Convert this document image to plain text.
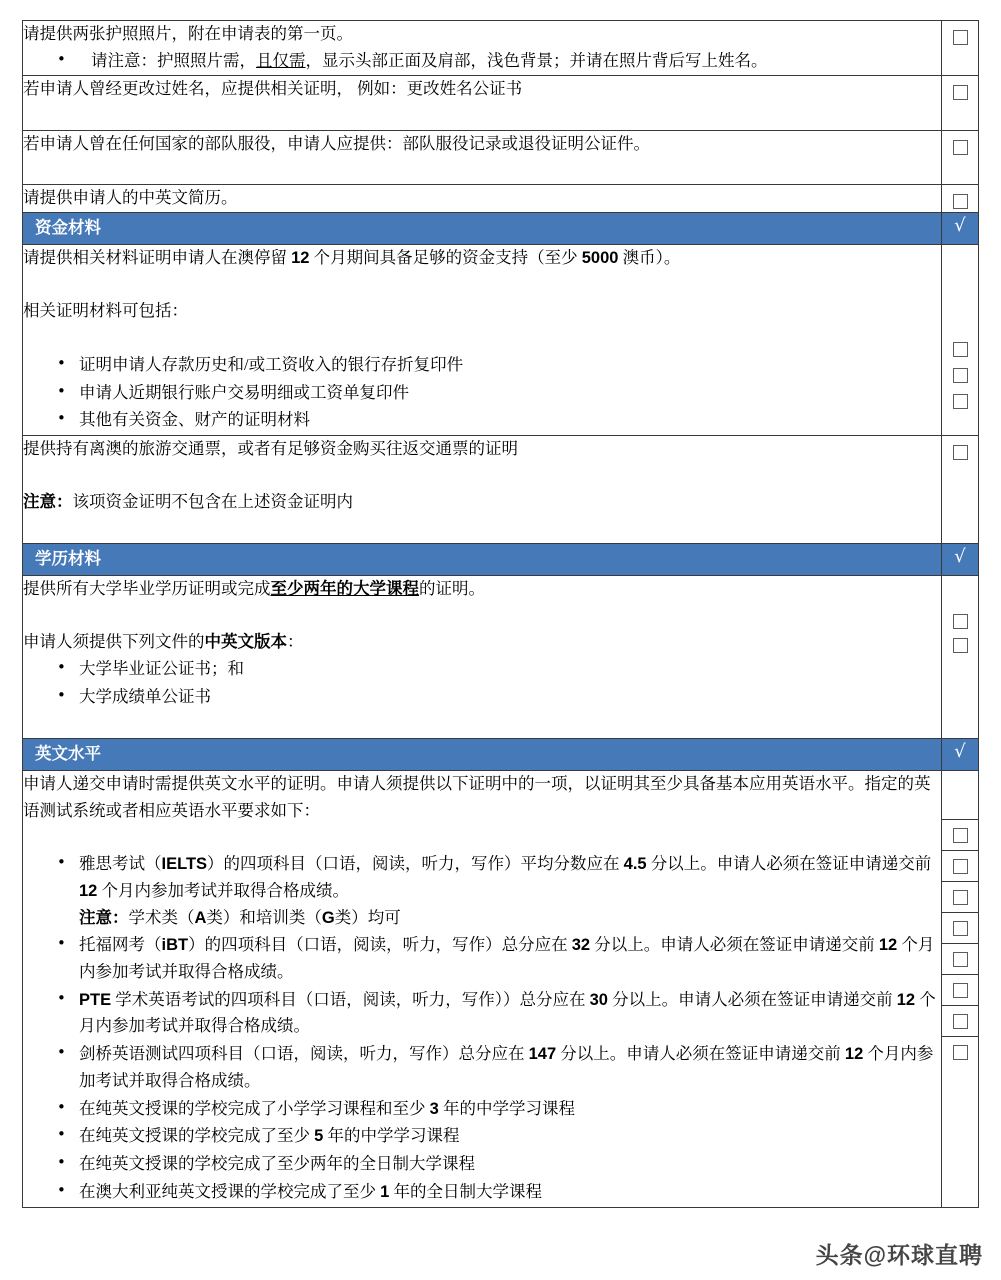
请提供两张护照照片，附在申请表的第一页。

• 请注意：护照照片需，且仅需，显示头部正面及肩部，浅色背景；并请在照片背后写上姓名。

若申请人曾经更改过姓名，应提供相关证明， 例如：更改姓名公证书

若申请人曾在任何国家的部队服役，申请人应提供：部队服役记录或退役证明公证件。

请提供申请人的中英文简历。

资金材料	√

请提供相关材料证明申请人在澳停留 12 个月期间具备足够的资金支持（至少 5000 澳币）。

相关证明材料可包括：

• 证明申请人存款历史和/或工资收入的银行存折复印件
• 申请人近期银行账户交易明细或工资单复印件
• 其他有关资金、财产的证明材料

提供持有离澳的旅游交通票，或者有足够资金购买往返交通票的证明

注意：该项资金证明不包含在上述资金证明内

学历材料	√

提供所有大学毕业学历证明或完成至少两年的大学课程的证明。

申请人须提供下列文件的中英文版本：

• 大学毕业证公证书；和
• 大学成绩单公证书

英文水平	√

申请人递交申请时需提供英文水平的证明。申请人须提供以下证明中的一项，以证明其至少具备基本应用英语水平。指定的英语测试系统或者相应英语水平要求如下：

• 雅思考试（IELTS）的四项科目（口语，阅读，听力，写作）平均分数应在 4.5 分以上。申请人必须在签证申请递交前 12 个月内参加考试并取得合格成绩。
注意：学术类（A类）和培训类（G类）均可
• 托福网考（iBT）的四项科目（口语，阅读，听力，写作）总分应在 32 分以上。申请人必须在签证申请递交前 12 个月内参加考试并取得合格成绩。
• PTE 学术英语考试的四项科目（口语，阅读，听力，写作））总分应在 30 分以上。申请人必须在签证申请递交前 12 个月内参加考试并取得合格成绩。
• 剑桥英语测试四项科目（口语，阅读，听力，写作）总分应在 147 分以上。申请人必须在签证申请递交前 12 个月内参加考试并取得合格成绩。
• 在纯英文授课的学校完成了小学学习课程和至少 3 年的中学学习课程
• 在纯英文授课的学校完成了至少 5 年的中学学习课程
• 在纯英文授课的学校完成了至少两年的全日制大学课程
• 在澳大利亚纯英文授课的学校完成了至少 1 年的全日制大学课程

头条@环球直聘
